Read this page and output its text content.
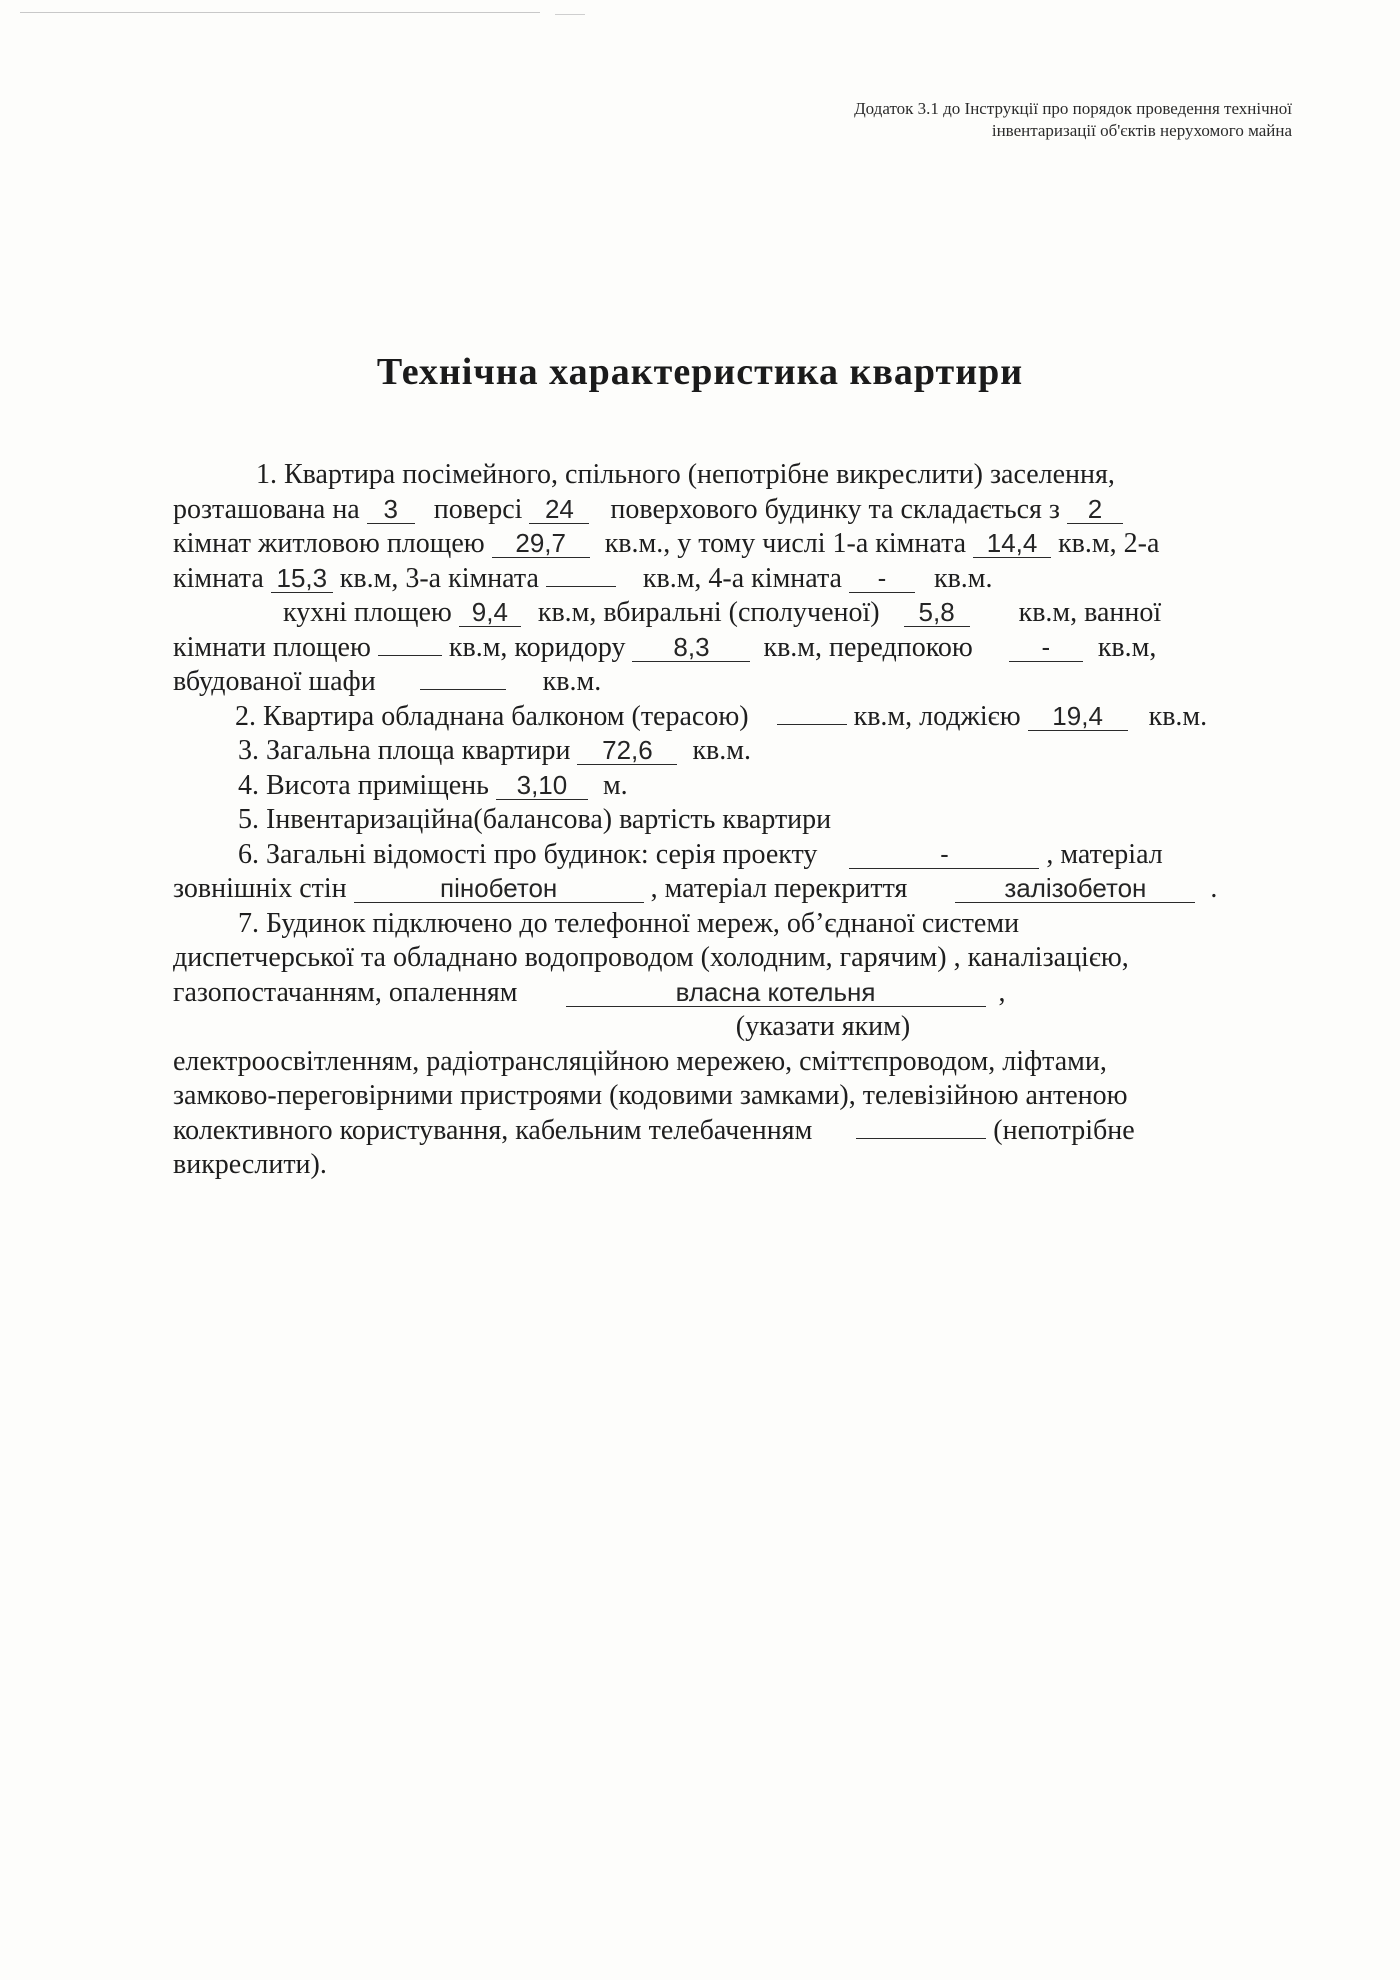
Додаток 3.1 до Інструкції про порядок проведення технічної
інвентаризації об'єктів нерухомого майна
Технічна характеристика квартири
1. Квартира посімейного, спільного (непотрібне викреслити) заселення,
розташована на 3 поверсі 24 поверхового будинку та складається з 2
кімнат житловою площею 29,7 кв.м., у тому числі 1-а кімната 14,4 кв.м, 2-а
кімната 15,3 кв.м, 3-а кімната	кв.м, 4-а кімната - кв.м.
кухні площею 9,4 кв.м, вбиральні (сполученої) 5,8 кв.м, ванної
кімнати площею	кв.м, коридору 8,3 кв.м, передпокою	- кв.м,
вбудованої шафи	кв.м.
2. Квартира обладнана балконом (терасою)	кв.м, лоджією 19,4 кв.м.
3. Загальна площа квартири 72,6 кв.м.
4. Висота приміщень 3,10 м.
5. Інвентаризаційна(балансова) вартість квартири
6. Загальні відомості про будинок: серія проекту	-	, матеріал
зовнішніх стін	пінобетон	, матеріал перекриття	залізобетон .
7. Будинок підключено до телефонної мереж, об’єднаної системи
диспетчерської та обладнано водопроводом (холодним, гарячим) , каналізацією,
газопостачанням, опаленням	власна котельня	,
(указати яким)
електроосвітленням, радіотрансляційною мережею, сміттєпроводом, ліфтами,
замково-переговірними пристроями (кодовими замками), телевізійною антеною
колективного користування, кабельним телебаченням	(непотрібне
викреслити).
